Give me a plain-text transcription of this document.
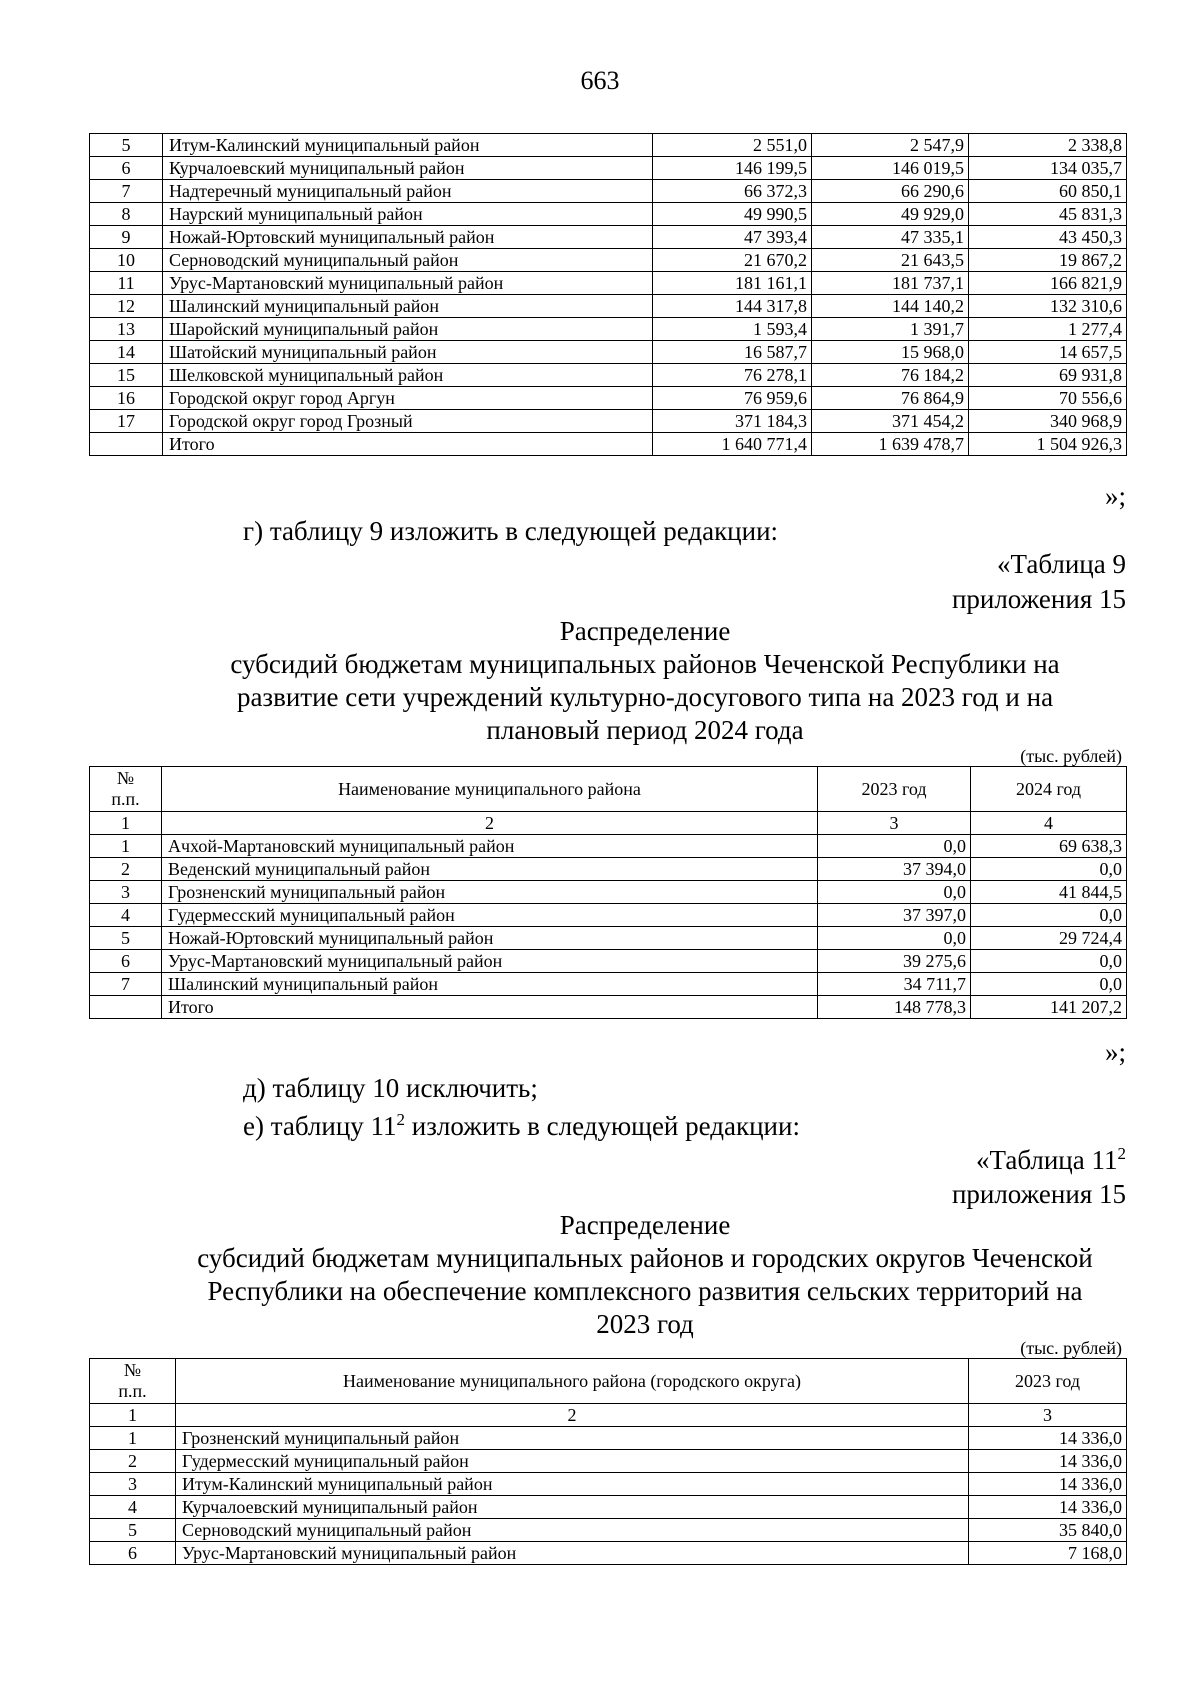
663
5	Итум-Калинский муниципальный район	2 551,0	2 547,9	2 338,8
6	Курчалоевский муниципальный район	146 199,5	146 019,5	134 035,7
7	Надтеречный муниципальный район	66 372,3	66 290,6	60 850,1
8	Наурский муниципальный район	49 990,5	49 929,0	45 831,3
9	Ножай-Юртовский муниципальный район	47 393,4	47 335,1	43 450,3
10	Серноводский муниципальный район	21 670,2	21 643,5	19 867,2
11	Урус-Мартановский муниципальный район	181 161,1	181 737,1	166 821,9
12	Шалинский муниципальный район	144 317,8	144 140,2	132 310,6
13	Шаройский муниципальный район	1 593,4	1 391,7	1 277,4
14	Шатойский муниципальный район	16 587,7	15 968,0	14 657,5
15	Шелковской муниципальный район	76 278,1	76 184,2	69 931,8
16	Городской округ город Аргун	76 959,6	76 864,9	70 556,6
17	Городской округ город Грозный	371 184,3	371 454,2	340 968,9
	Итого	1 640 771,4	1 639 478,7	1 504 926,3
»;
г) таблицу 9 изложить в следующей редакции:
«Таблица 9
приложения 15
Распределение
субсидий бюджетам муниципальных районов Чеченской Республики на
развитие сети учреждений культурно-досугового типа на 2023 год и на
плановый период 2024 года
(тыс. рублей)
№
п.п.	Наименование муниципального района	2023 год	2024 год
1	2	3	4
1	Ачхой-Мартановский муниципальный район	0,0	69 638,3
2	Веденский муниципальный район	37 394,0	0,0
3	Грозненский муниципальный район	0,0	41 844,5
4	Гудермесский муниципальный район	37 397,0	0,0
5	Ножай-Юртовский муниципальный район	0,0	29 724,4
6	Урус-Мартановский муниципальный район	39 275,6	0,0
7	Шалинский муниципальный район	34 711,7	0,0
	Итого	148 778,3	141 207,2
»;
д) таблицу 10 исключить;
е) таблицу $11^2$ изложить в следующей редакции:
«Таблица $11^2$
приложения 15
Распределение
субсидий бюджетам муниципальных районов и городских округов Чеченской
Республики на обеспечение комплексного развития сельских территорий на
2023 год
(тыс. рублей)
№
п.п.	Наименование муниципального района (городского округа)	2023 год
1	2	3
1	Грозненский муниципальный район	14 336,0
2	Гудермесский муниципальный район	14 336,0
3	Итум-Калинский муниципальный район	14 336,0
4	Курчалоевский муниципальный район	14 336,0
5	Серноводский муниципальный район	35 840,0
6	Урус-Мартановский муниципальный район	7 168,0
